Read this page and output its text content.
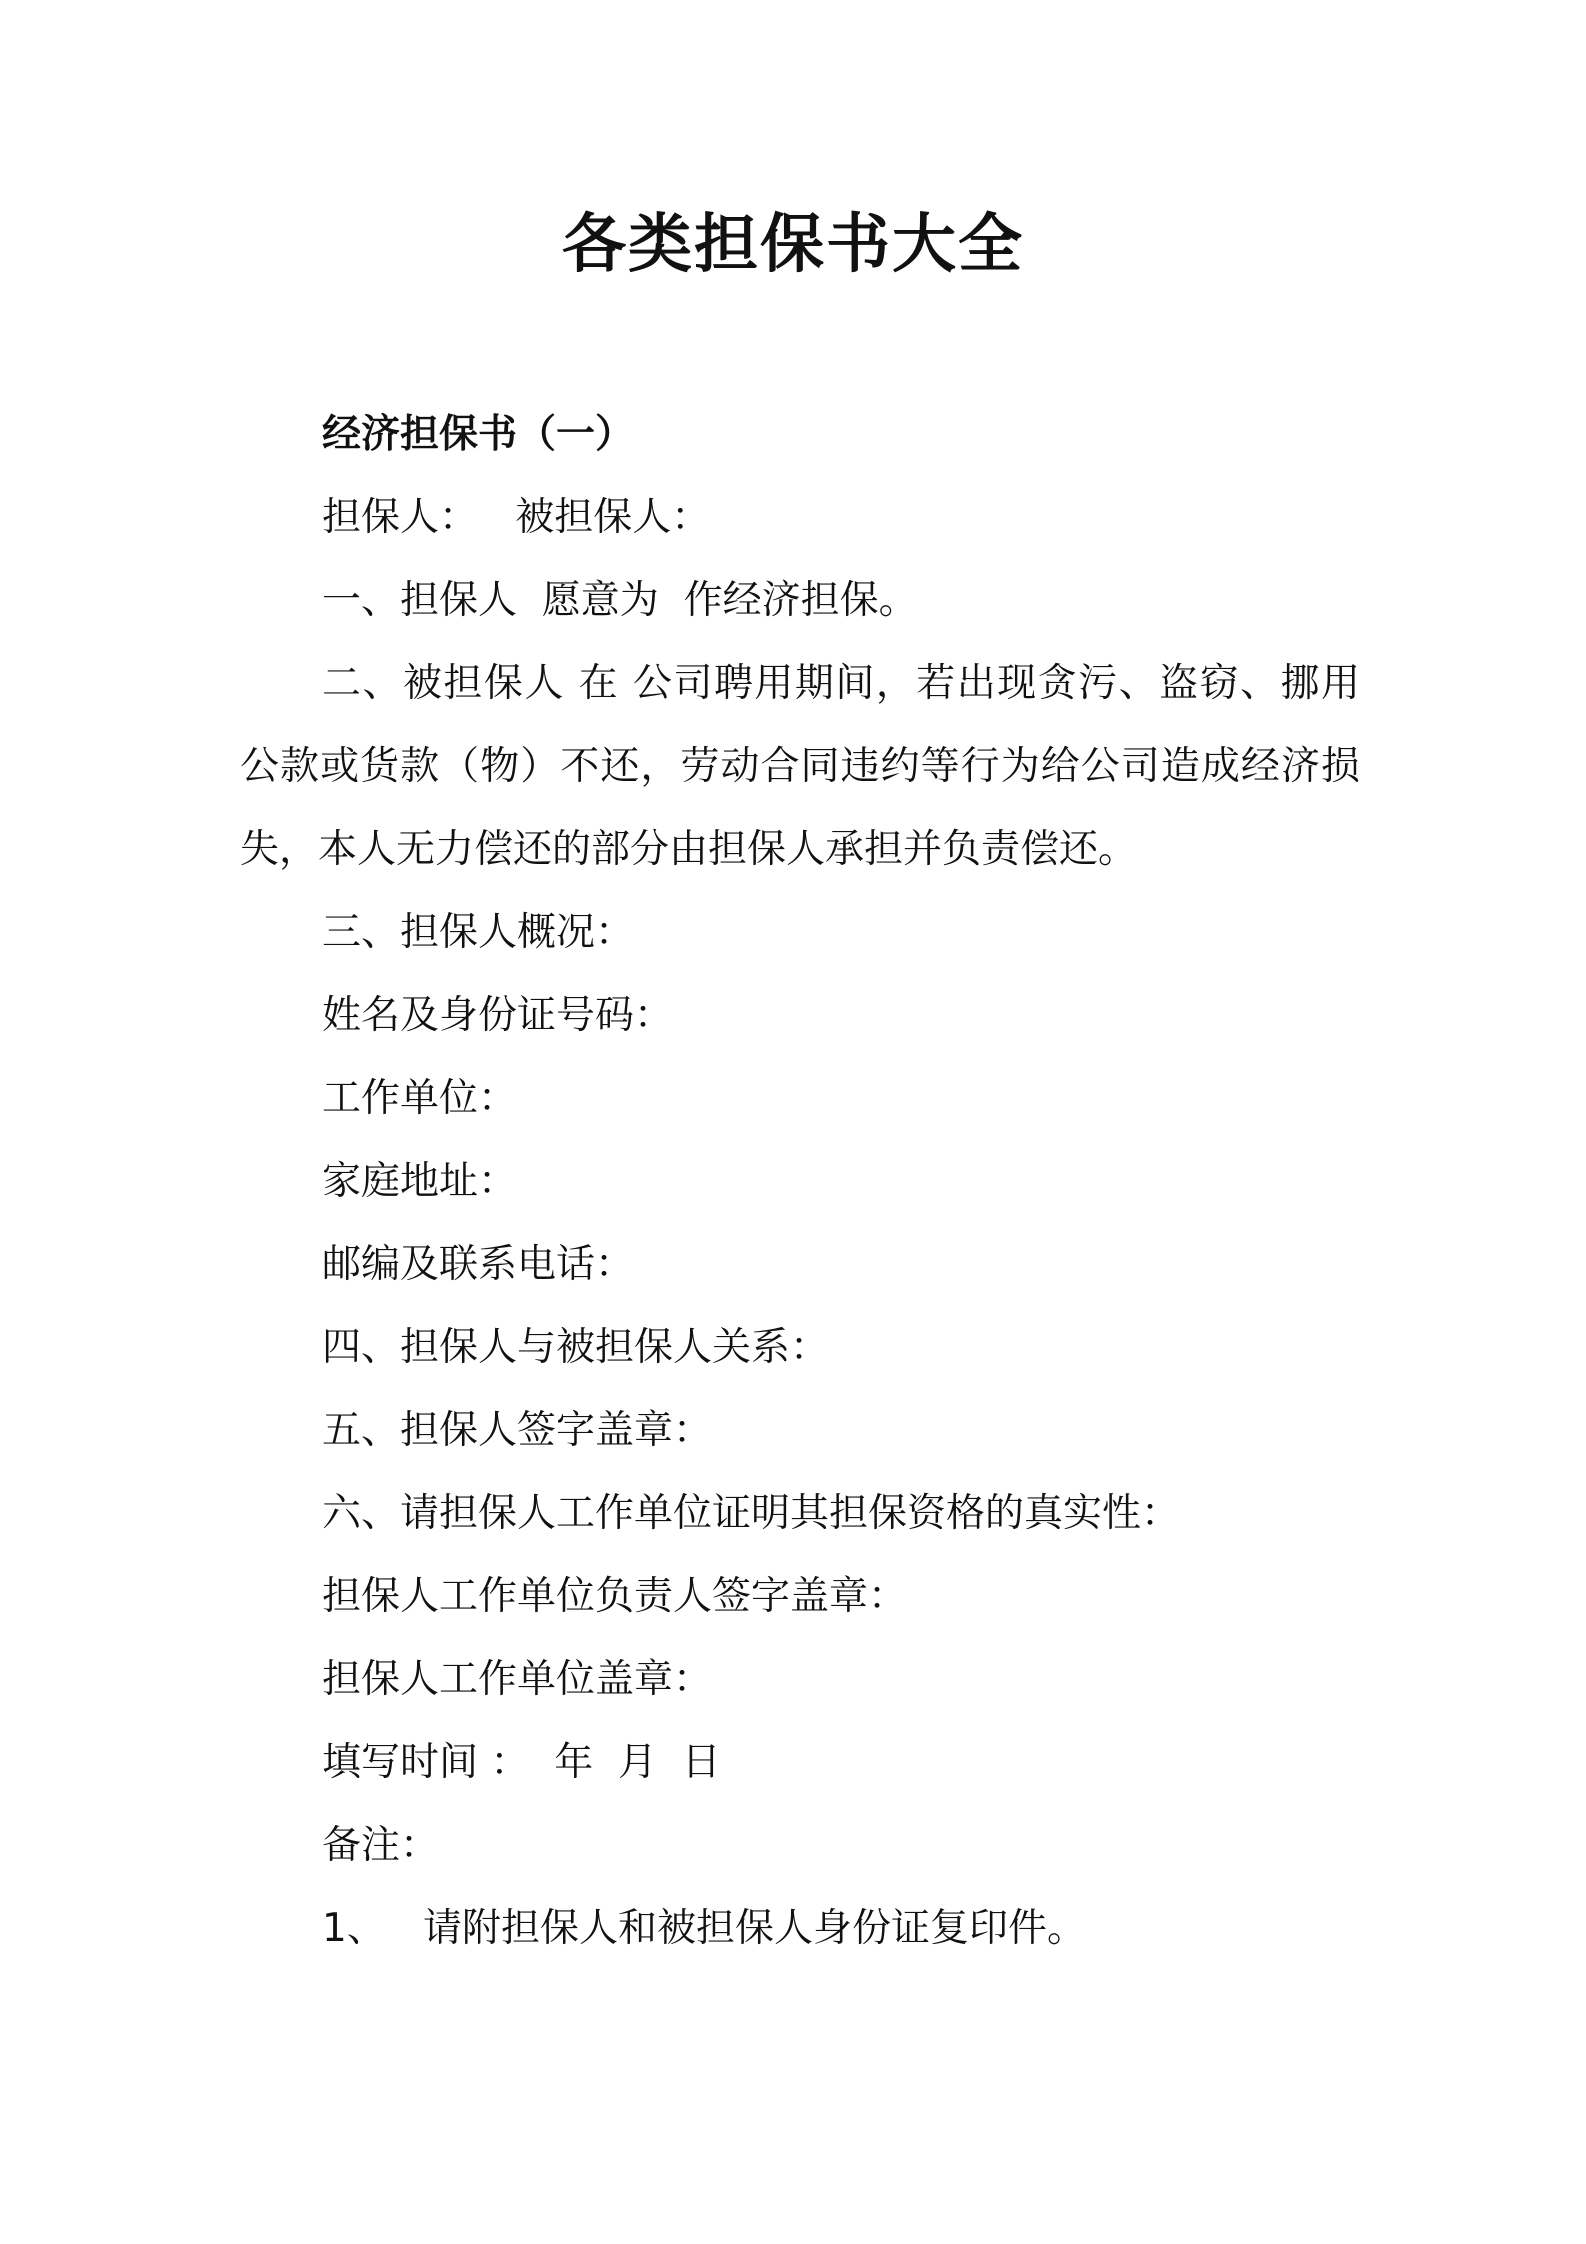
各类担保书大全
经济担保书（一）
担保人：   被担保人：
一、担保人  愿意为  作经济担保。
二、被担保人 在 公司聘用期间，若出现贪污、盗窃、挪用公款或货款（物）不还，劳动合同违约等行为给公司造成经济损失，本人无力偿还的部分由担保人承担并负责偿还。
三、担保人概况：
姓名及身份证号码：
工作单位：
家庭地址：
邮编及联系电话：
四、担保人与被担保人关系：
五、担保人签字盖章：
六、请担保人工作单位证明其担保资格的真实性：
担保人工作单位负责人签字盖章：
担保人工作单位盖章：
填写时间 ：  年  月  日
备注：
1、   请附担保人和被担保人身份证复印件。
